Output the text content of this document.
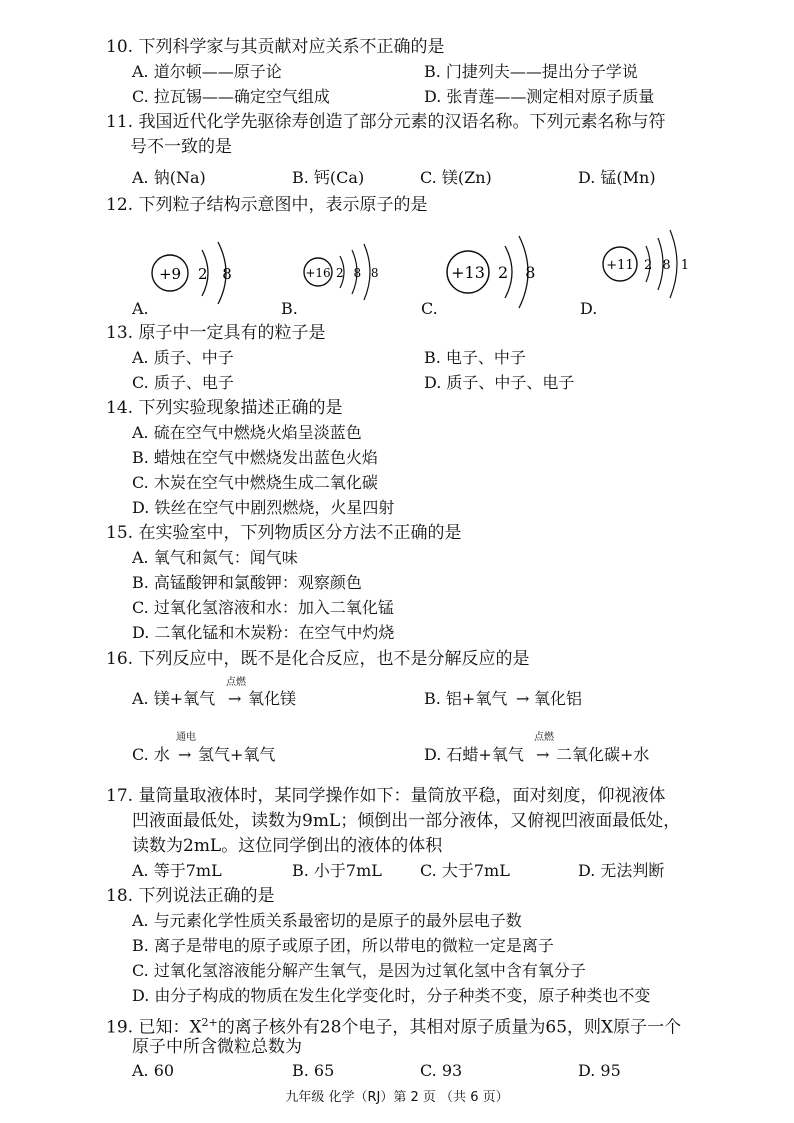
10. 下列科学家与其贡献对应关系不正确的是
A. 道尔顿——原子论	B. 门捷列夫——提出分子学说
C. 拉瓦锡——确定空气组成	D. 张青莲——测定相对原子质量
11. 我国近代化学先驱徐寿创造了部分元素的汉语名称。下列元素名称与符
号不一致的是
A. 钠(Na)	B. 钙(Ca)	C. 镁(Zn)	D. 锰(Mn)
12. 下列粒子结构示意图中，表示原子的是
+9 2 8
A.
+16 2 8 8
B.
+13 2 8
C.
+11 2 8 1
D.
13. 原子中一定具有的粒子是
A. 质子、中子	B. 电子、中子
C. 质子、电子	D. 质子、中子、电子
14. 下列实验现象描述正确的是
A. 硫在空气中燃烧火焰呈淡蓝色
B. 蜡烛在空气中燃烧发出蓝色火焰
C. 木炭在空气中燃烧生成二氧化碳
D. 铁丝在空气中剧烈燃烧，火星四射
15. 在实验室中，下列物质区分方法不正确的是
A. 氧气和氮气：闻气味
B. 高锰酸钾和氯酸钾：观察颜色
C. 过氧化氢溶液和水：加入二氧化锰
D. 二氧化锰和木炭粉：在空气中灼烧
16. 下列反应中，既不是化合反应，也不是分解反应的是
点燃
A. 镁+氧气 → 氧化镁	B. 铝+氧气 → 氧化铝
通电
C. 水 → 氢气+氧气
点燃
D. 石蜡+氧气 → 二氧化碳+水
17. 量筒量取液体时，某同学操作如下：量筒放平稳，面对刻度，仰视液体
凹液面最低处，读数为9mL；倾倒出一部分液体，又俯视凹液面最低处，
读数为2mL。这位同学倒出的液体的体积
A. 等于7mL	B. 小于7mL C. 大于7mL	D. 无法判断
18. 下列说法正确的是
A. 与元素化学性质关系最密切的是原子的最外层电子数
B. 离子是带电的原子或原子团，所以带电的微粒一定是离子
C. 过氧化氢溶液能分解产生氧气，是因为过氧化氢中含有氧分子
D. 由分子构成的物质在发生化学变化时，分子种类不变，原子种类也不变
19. 已知：$X^{2+}$的离子核外有28个电子，其相对原子质量为65，则X原子一个
原子中所含微粒总数为
A. 60	B. 65	C. 93	D. 95
九年级 化学（RJ）第 2 页 （共 6 页）
